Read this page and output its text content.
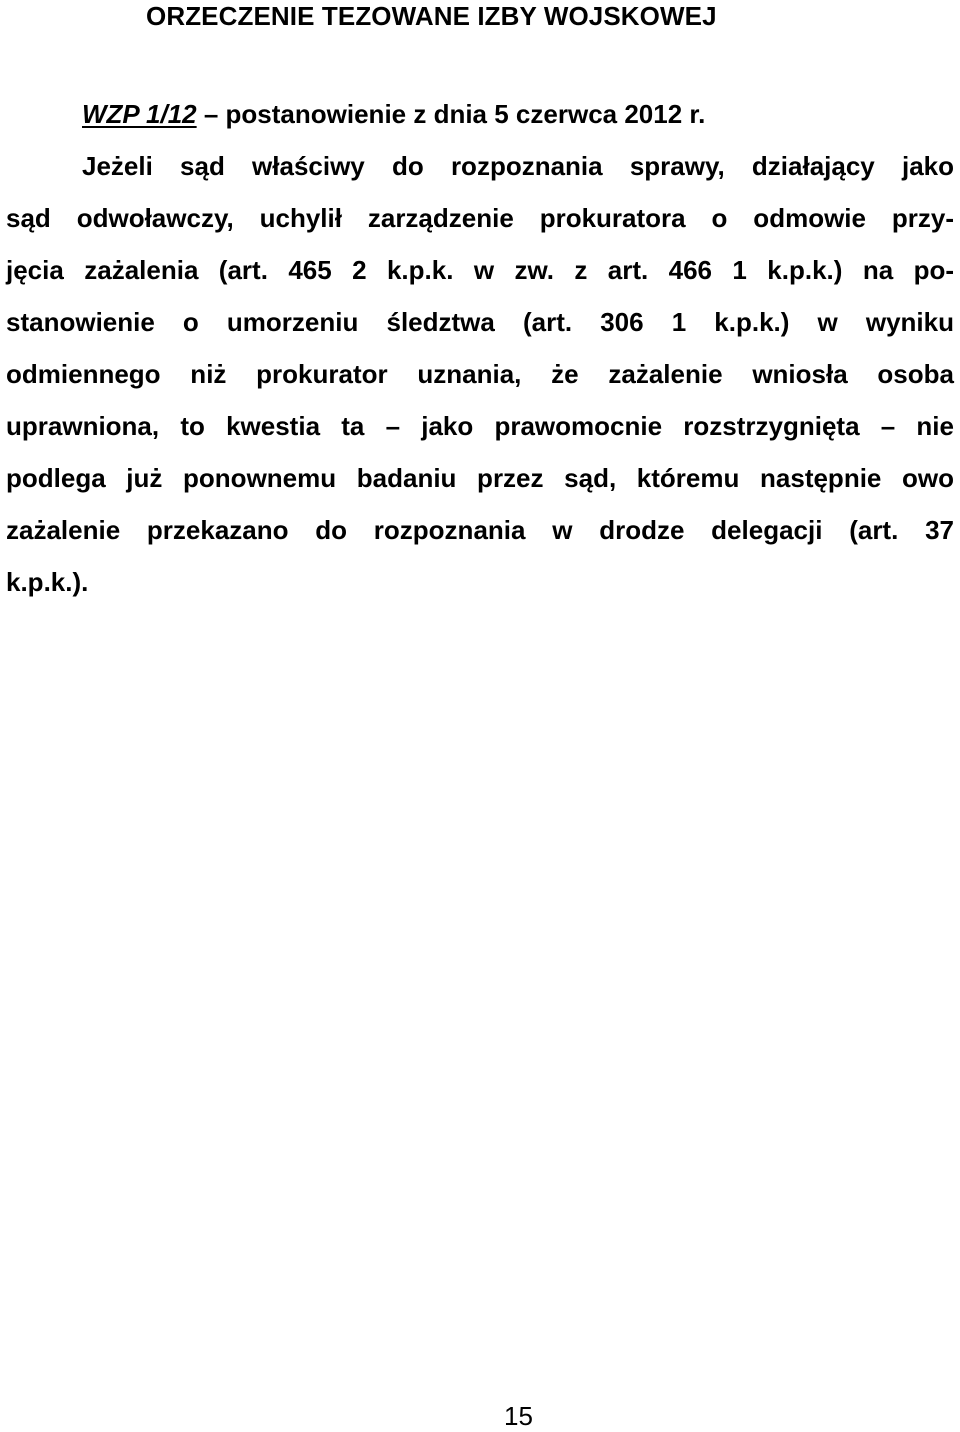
ORZECZENIE TEZOWANE IZBY WOJSKOWEJ
WZP 1/12 – postanowienie z dnia 5 czerwca 2012 r.
Jeżeli sąd właściwy do rozpoznania sprawy, działający jako
sąd odwoławczy, uchylił zarządzenie prokuratora o odmowie przy-
jęcia zażalenia (art. 465 2 k.p.k. w zw. z art. 466 1 k.p.k.) na po-
stanowienie o umorzeniu śledztwa (art. 306 1 k.p.k.) w wyniku
odmiennego niż prokurator uznania, że zażalenie wniosła osoba
uprawniona, to kwestia ta – jako prawomocnie rozstrzygnięta – nie
podlega już ponownemu badaniu przez sąd, któremu następnie owo
zażalenie przekazano do rozpoznania w drodze delegacji (art. 37
k.p.k.).
15
